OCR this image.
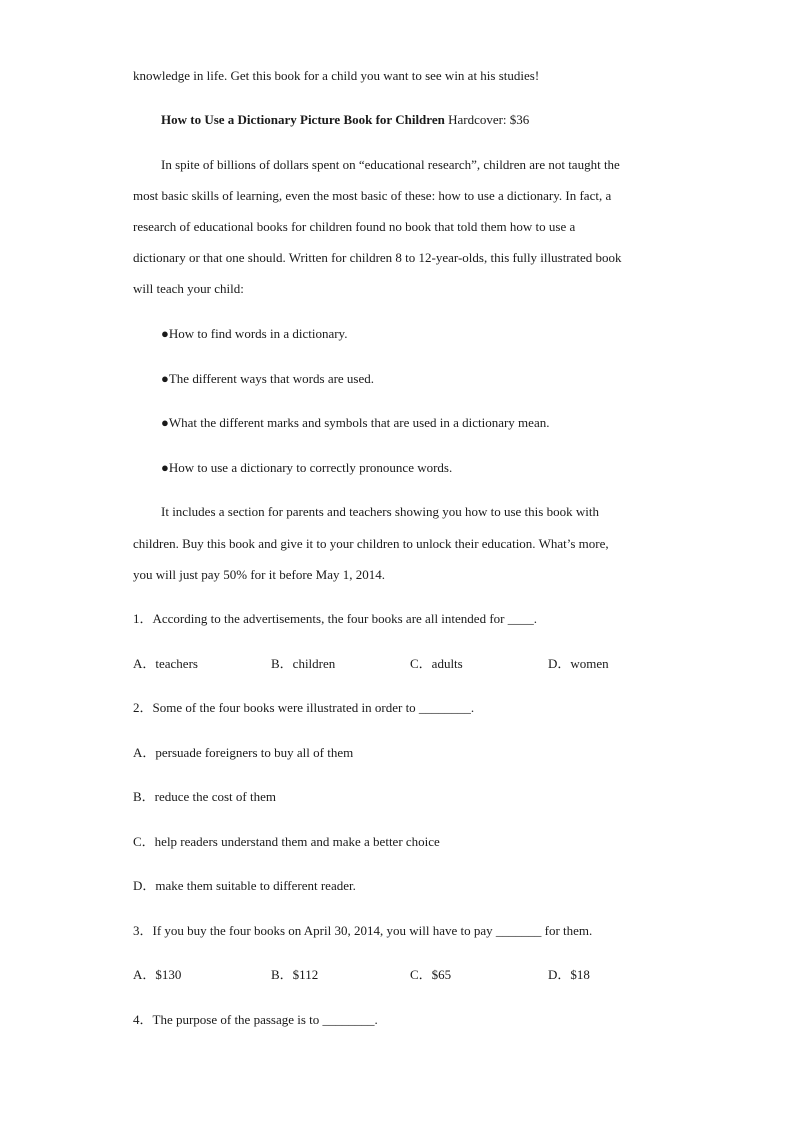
knowledge in life. Get this book for a child you want to see win at his studies!
How to Use a Dictionary Picture Book for Children Hardcover: $36
In spite of billions of dollars spent on “educational research”, children are not taught the
most basic skills of learning, even the most basic of these: how to use a dictionary. In fact, a
research of educational books for children found no book that told them how to use a
dictionary or that one should. Written for children 8 to 12-year-olds, this fully illustrated book
will teach your child:
●How to find words in a dictionary.
●The different ways that words are used.
●What the different marks and symbols that are used in a dictionary mean.
●How to use a dictionary to correctly pronounce words.
It includes a section for parents and teachers showing you how to use this book with
children. Buy this book and give it to your children to unlock their education. What’s more,
you will just pay 50% for it before May 1, 2014.
1．According to the advertisements, the four books are all intended for ____.
A．teachers	B．children	C．adults	D．women
2．Some of the four books were illustrated in order to ________.
A．persuade foreigners to buy all of them
B．reduce the cost of them
C．help readers understand them and make a better choice
D．make them suitable to different reader.
3．If you buy the four books on April 30, 2014, you will have to pay _______ for them.
A．$130	B．$112	C．$65	D．$18
4．The purpose of the passage is to ________.
